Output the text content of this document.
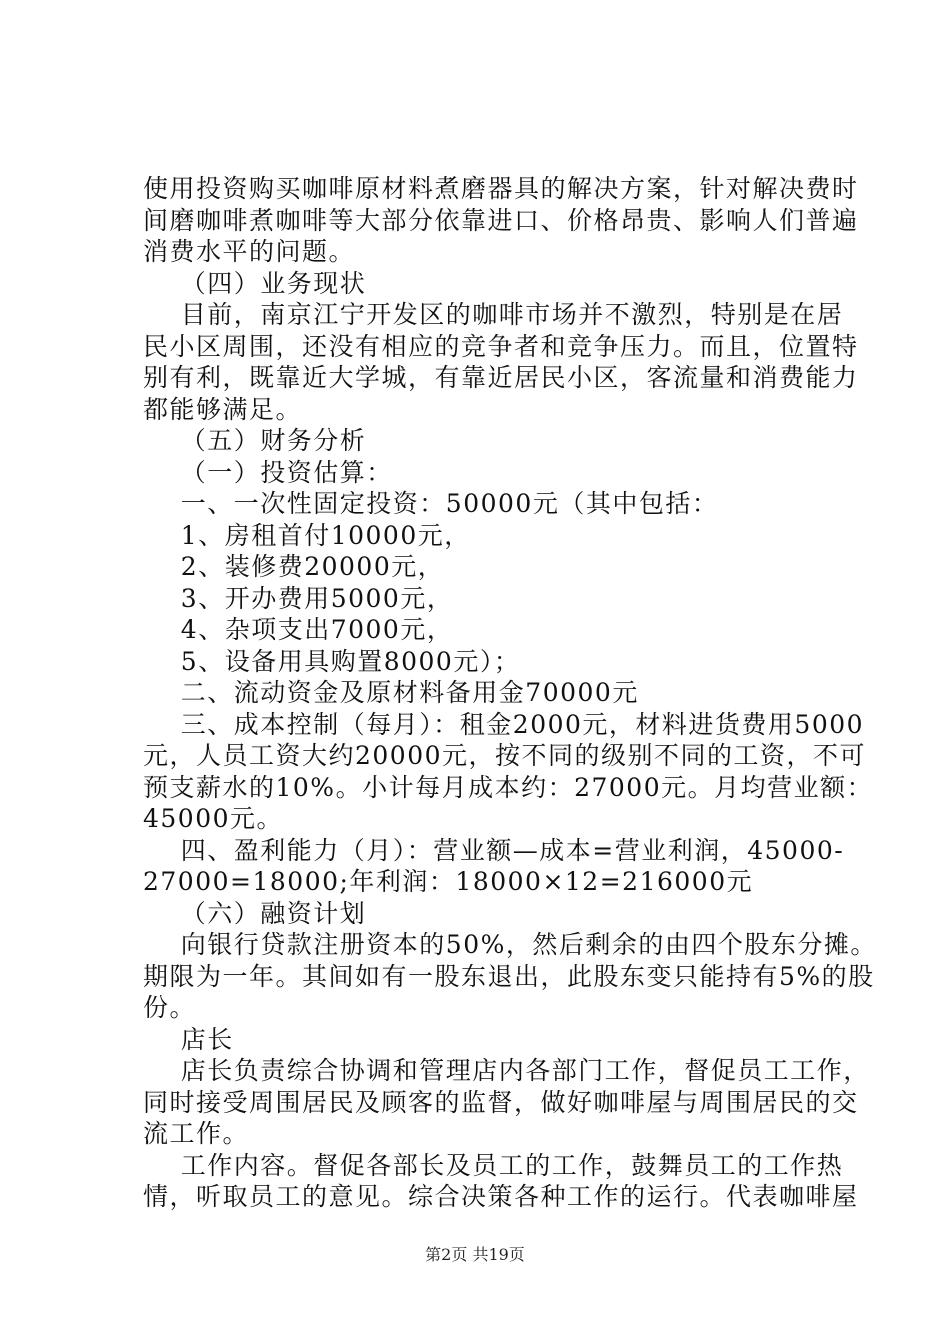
使用投资购买咖啡原材料煮磨器具的解决方案，针对解决费时
间磨咖啡煮咖啡等大部分依靠进口、价格昂贵、影响人们普遍
消费水平的问题。
（四）业务现状
目前，南京江宁开发区的咖啡市场并不激烈，特别是在居
民小区周围，还没有相应的竞争者和竞争压力。而且，位置特
别有利，既靠近大学城，有靠近居民小区，客流量和消费能力
都能够满足。
（五）财务分析
（一）投资估算：
一、一次性固定投资：50000元（其中包括：
1、房租首付10000元，
2、装修费20000元，
3、开办费用5000元，
4、杂项支出7000元，
5、设备用具购置8000元）；
二、流动资金及原材料备用金70000元
三、成本控制（每月）：租金2000元，材料进货费用5000
元，人员工资大约20000元，按不同的级别不同的工资，不可
预支薪水的10%。小计每月成本约：27000元。月均营业额：
45000元。
四、盈利能力（月）：营业额—成本=营业利润，45000-
27000=18000;年利润：18000×12=216000元
（六）融资计划
向银行贷款注册资本的50%，然后剩余的由四个股东分摊。
期限为一年。其间如有一股东退出，此股东变只能持有5%的股
份。
店长
店长负责综合协调和管理店内各部门工作，督促员工工作，
同时接受周围居民及顾客的监督，做好咖啡屋与周围居民的交
流工作。
工作内容。督促各部长及员工的工作，鼓舞员工的工作热
情，听取员工的意见。综合决策各种工作的运行。代表咖啡屋
第2页 共19页
